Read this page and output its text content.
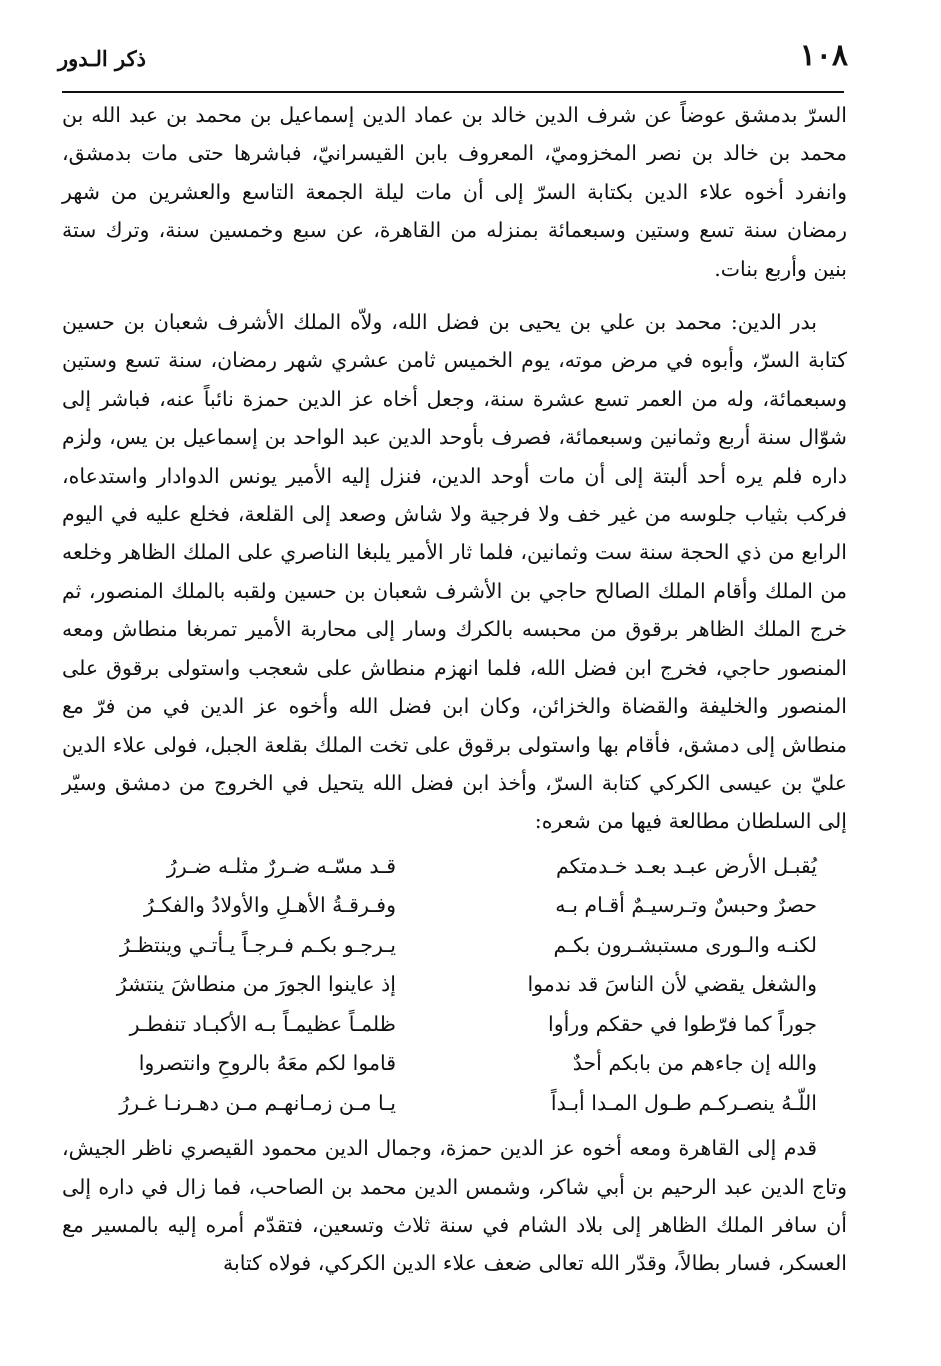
١٠٨
ذكر الـدور

السرّ بدمشق عوضاً عن شرف الدين خالد بن عماد الدين إسماعيل بن محمد بن عبد الله بن محمد بن خالد بن نصر المخزوميّ، المعروف بابن القيسرانيّ، فباشرها حتى مات بدمشق، وانفرد أخوه علاء الدين بكتابة السرّ إلى أن مات ليلة الجمعة التاسع والعشرين من شهر رمضان سنة تسع وستين وسبعمائة بمنزله من القاهرة، عن سبع وخمسين سنة، وترك ستة بنين وأربع بنات.

بدر الدين: محمد بن علي بن يحيى بن فضل الله، ولاّه الملك الأشرف شعبان بن حسين كتابة السرّ، وأبوه في مرض موته، يوم الخميس ثامن عشري شهر رمضان، سنة تسع وستين وسبعمائة، وله من العمر تسع عشرة سنة، وجعل أخاه عز الدين حمزة نائباً عنه، فباشر إلى شوّال سنة أربع وثمانين وسبعمائة، فصرف بأوحد الدين عبد الواحد بن إسماعيل بن يس، ولزم داره فلم يره أحد ألبتة إلى أن مات أوحد الدين، فنزل إليه الأمير يونس الدوادار واستدعاه، فركب بثياب جلوسه من غير خف ولا فرجية ولا شاش وصعد إلى القلعة، فخلع عليه في اليوم الرابع من ذي الحجة سنة ست وثمانين، فلما ثار الأمير يلبغا الناصري على الملك الظاهر وخلعه من الملك وأقام الملك الصالح حاجي بن الأشرف شعبان بن حسين ولقبه بالملك المنصور، ثم خرج الملك الظاهر برقوق من محبسه بالكرك وسار إلى محاربة الأمير تمربغا منطاش ومعه المنصور حاجي، فخرج ابن فضل الله، فلما انهزم منطاش على شعجب واستولى برقوق على المنصور والخليفة والقضاة والخزائن، وكان ابن فضل الله وأخوه عز الدين في من فرّ مع منطاش إلى دمشق، فأقام بها واستولى برقوق على تخت الملك بقلعة الجبل، فولى علاء الدين عليّ بن عيسى الكركي كتابة السرّ، وأخذ ابن فضل الله يتحيل في الخروج من دمشق وسيّر إلى السلطان مطالعة فيها من شعره:

يُقبـل الأرض عبـد بعـد خـدمتكم
قـد مسّـه ضـررٌ مثلـه ضـررُ
حصرٌ وحبسٌ وتـرسيـمٌ أقـام بـه
وفـرقـةُ الأهـلِ والأولادُ والفكـرُ
لكنـه والـورى مستبشـرون بكـم
يـرجـو بكـم فـرجـاً يـأتـي وينتظـرُ
والشغل يقضي لأن الناسَ قد ندموا
إذ عاينوا الجورَ من منطاشَ ينتشرُ
جوراً كما فرّطوا في حقكم ورأوا
ظلمـاً عظيمـاً بـه الأكبـاد تنفطـر
والله إن جاءهم من بابكم أحدٌ
قاموا لكم معَهُ بالروحِ وانتصروا
اللّـهُ ينصـركـم طـول المـدا أبـداً
يـا مـن زمـانهـم مـن دهـرنـا غـررُ

قدم إلى القاهرة ومعه أخوه عز الدين حمزة، وجمال الدين محمود القيصري ناظر الجيش، وتاج الدين عبد الرحيم بن أبي شاكر، وشمس الدين محمد بن الصاحب، فما زال في داره إلى أن سافر الملك الظاهر إلى بلاد الشام في سنة ثلاث وتسعين، فتقدّم أمره إليه بالمسير مع العسكر، فسار بطالاً، وقدّر الله تعالى ضعف علاء الدين الكركي، فولاه كتابة
